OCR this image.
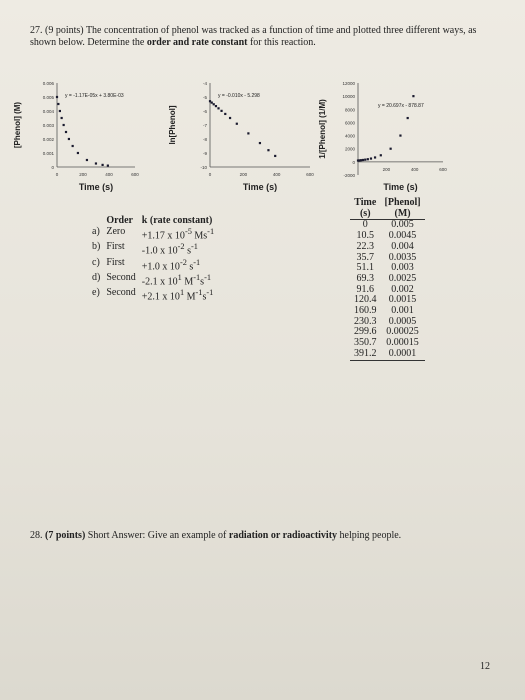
27. (9 points) The concentration of phenol was tracked as a function of time and plotted three different ways, as shown below. Determine the order and rate constant for this reaction.
0
0.001
0.002
0.003
0.004
0.005
0.006
0	200	400	600
[Phenol] (M)
Time (s)
y = -1.17E-05x + 3.80E-03
-10
-9
-8
-7
-6
-5
-4
0	200	400	600
ln[Phenol]
Time (s)
y = -0.010x - 5.298
-2000
0
2000
4000
6000
8000
10000
12000
200	400	600
1/[Phenol] (1/M)
Time (s)
y = 20.697x - 878.87
	Order	k (rate constant)
a)	Zero	+1.17 x $10^{-5}$ $Ms^{-1}$
b)	First	-1.0 x $10^{-2}$ $s^{-1}$
c)	First	+1.0 x $10^{-2}$ $s^{-1}$
d)	Second	-2.1 x $10^1$ $M^{-1}s^{-1}$
e)	Second	+2.1 x $10^1$ $M^{-1}s^{-1}$
Time
(s)	[Phenol]
(M)
0	0.005
10.5	0.0045
22.3	0.004
35.7	0.0035
51.1	0.003
69.3	0.0025
91.6	0.002
120.4	0.0015
160.9	0.001
230.3	0.0005
299.6	0.00025
350.7	0.00015
391.2	0.0001
28. (7 points) Short Answer: Give an example of radiation or radioactivity helping people.
12
